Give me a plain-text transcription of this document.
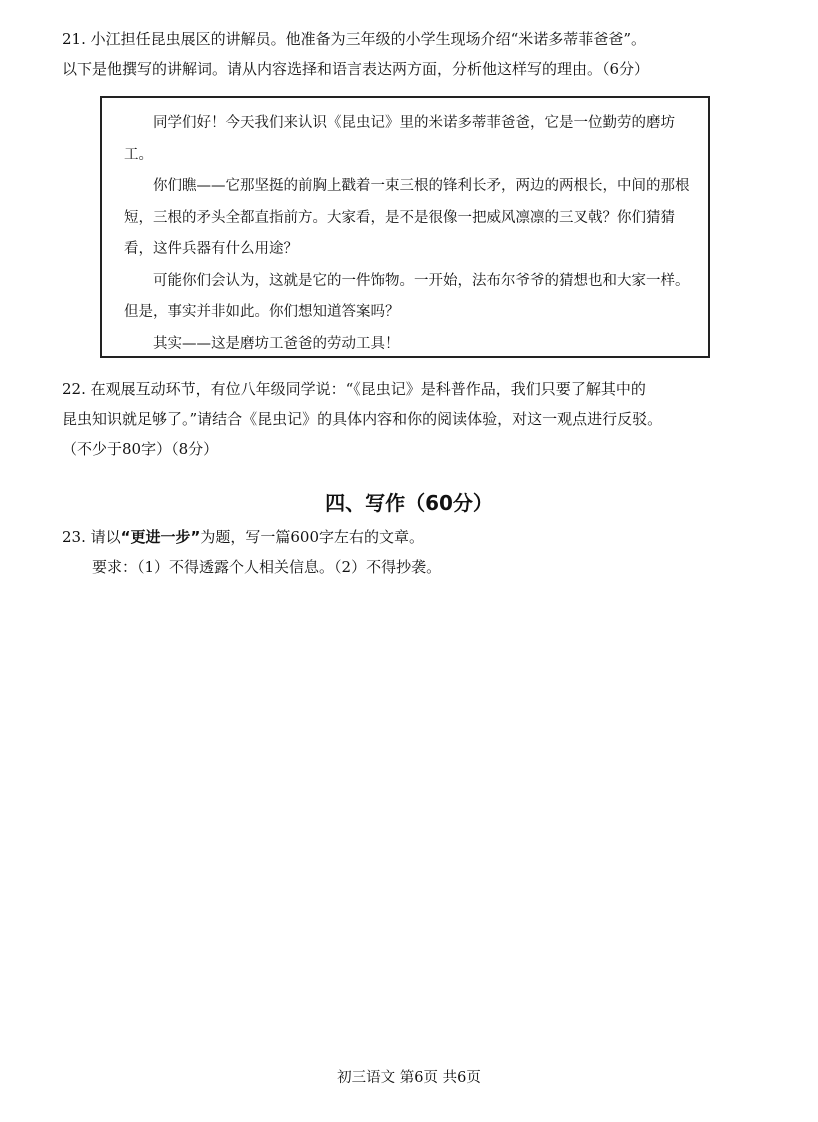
21. 小江担任昆虫展区的讲解员。他准备为三年级的小学生现场介绍“米诺多蒂菲爸爸”。
以下是他撰写的讲解词。请从内容选择和语言表达两方面，分析他这样写的理由。（6分）

同学们好！今天我们来认识《昆虫记》里的米诺多蒂菲爸爸，它是一位勤劳的磨坊工。

你们瞧——它那坚挺的前胸上戳着一束三根的锋利长矛，两边的两根长，中间的那根短，三根的矛头全都直指前方。大家看，是不是很像一把威风凛凛的三叉戟？你们猜猜看，这件兵器有什么用途？

可能你们会认为，这就是它的一件饰物。一开始，法布尔爷爷的猜想也和大家一样。但是，事实并非如此。你们想知道答案吗？

其实——这是磨坊工爸爸的劳动工具！

22. 在观展互动环节，有位八年级同学说：“《昆虫记》是科普作品，我们只要了解其中的
昆虫知识就足够了。”请结合《昆虫记》的具体内容和你的阅读体验，对这一观点进行反驳。
（不少于80字）（8分）
四、写作（60分）
23. 请以“更进一步”为题，写一篇600字左右的文章。
要求：（1）不得透露个人相关信息。（2）不得抄袭。
初三语文 第6页 共6页
